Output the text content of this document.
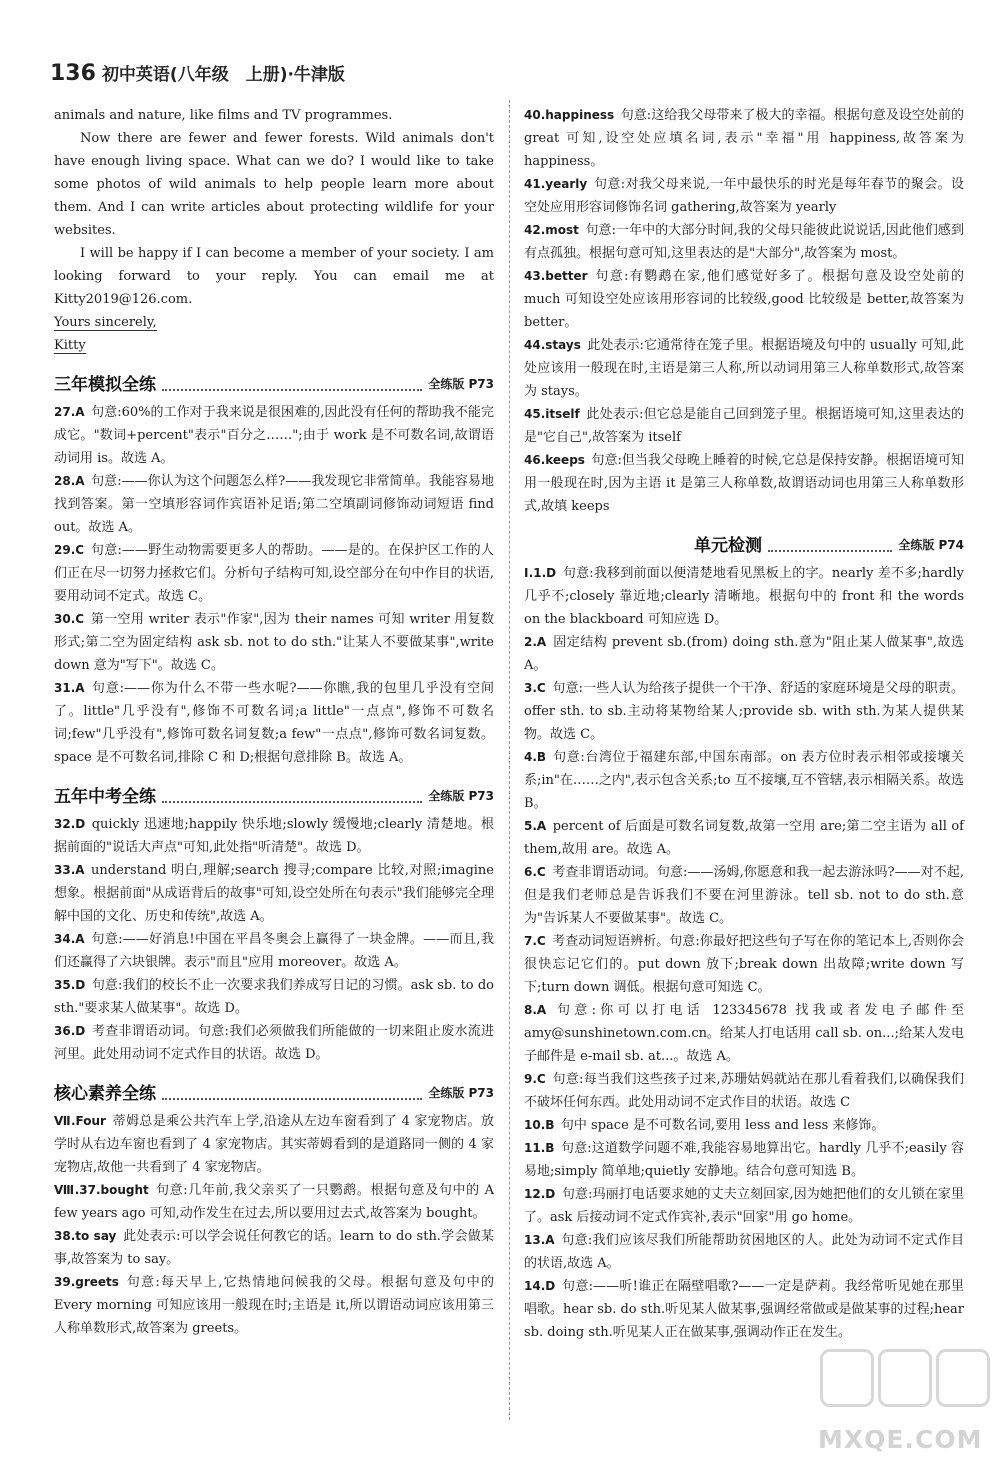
136 初中英语(八年级　上册)·牛津版

animals and nature, like films and TV programmes.

Now there are fewer and fewer forests. Wild animals don't have enough living space. What can we do? I would like to take some photos of wild animals to help people learn more about them. And I can write articles about protecting wildlife for your websites.

I will be happy if I can become a member of your society. I am looking forward to your reply. You can email me at Kitty2019@126.com.

Yours sincerely,

Kitty

三年模拟全练	全练版 P73

27.A  句意:60%的工作对于我来说是很困难的,因此没有任何的帮助我不能完成它。"数词+percent"表示"百分之……";由于 work 是不可数名词,故谓语动词用 is。故选 A。

28.A  句意:——你认为这个问题怎么样?——我发现它非常简单。我能容易地找到答案。第一空填形容词作宾语补足语;第二空填副词修饰动词短语 find out。故选 A。

29.C  句意:——野生动物需要更多人的帮助。——是的。在保护区工作的人们正在尽一切努力拯救它们。分析句子结构可知,设空部分在句中作目的状语,要用动词不定式。故选 C。

30.C  第一空用 writer 表示"作家",因为 their names 可知 writer 用复数形式;第二空为固定结构 ask sb. not to do sth."让某人不要做某事",write down 意为"写下"。故选 C。

31.A  句意:——你为什么不带一些水呢?——你瞧,我的包里几乎没有空间了。little"几乎没有",修饰不可数名词;a little"一点点",修饰不可数名词;few"几乎没有",修饰可数名词复数;a few"一点点",修饰可数名词复数。space 是不可数名词,排除 C 和 D;根据句意排除 B。故选 A。

五年中考全练	全练版 P73

32.D  quickly 迅速地;happily 快乐地;slowly 缓慢地;clearly 清楚地。根据前面的"说话大声点"可知,此处指"听清楚"。故选 D。

33.A  understand 明白,理解;search 搜寻;compare 比较,对照;imagine 想象。根据前面"从成语背后的故事"可知,设空处所在句表示"我们能够完全理解中国的文化、历史和传统",故选 A。

34.A  句意:——好消息!中国在平昌冬奥会上赢得了一块金牌。——而且,我们还赢得了六块银牌。表示"而且"应用 moreover。故选 A。

35.D  句意:我们的校长不止一次要求我们养成写日记的习惯。ask sb. to do sth."要求某人做某事"。故选 D。

36.D  考查非谓语动词。句意:我们必须做我们所能做的一切来阻止废水流进河里。此处用动词不定式作目的状语。故选 D。

核心素养全练	全练版 P73

Ⅶ.Four  蒂姆总是乘公共汽车上学,沿途从左边车窗看到了 4 家宠物店。放学时从右边车窗也看到了 4 家宠物店。其实蒂姆看到的是道路同一侧的 4 家宠物店,故他一共看到了 4 家宠物店。

Ⅷ.37.bought  句意:几年前,我父亲买了一只鹦鹉。根据句意及句中的 A few years ago 可知,动作发生在过去,所以要用过去式,故答案为 bought。

38.to say  此处表示:可以学会说任何教它的话。learn to do sth.学会做某事,故答案为 to say。

39.greets  句意:每天早上,它热情地问候我的父母。根据句意及句中的 Every morning 可知应该用一般现在时;主语是 it,所以谓语动词应该用第三人称单数形式,故答案为 greets。

40.happiness  句意:这给我父母带来了极大的幸福。根据句意及设空处前的 great 可知,设空处应填名词,表示"幸福"用 happiness,故答案为 happiness。

41.yearly  句意:对我父母来说,一年中最快乐的时光是每年春节的聚会。设空处应用形容词修饰名词 gathering,故答案为 yearly

42.most  句意:一年中的大部分时间,我的父母只能彼此说说话,因此他们感到有点孤独。根据句意可知,这里表达的是"大部分",故答案为 most。

43.better  句意:有鹦鹉在家,他们感觉好多了。根据句意及设空处前的 much 可知设空处应该用形容词的比较级,good 比较级是 better,故答案为 better。

44.stays  此处表示:它通常待在笼子里。根据语境及句中的 usually 可知,此处应该用一般现在时,主语是第三人称,所以动词用第三人称单数形式,故答案为 stays。

45.itself  此处表示:但它总是能自己回到笼子里。根据语境可知,这里表达的是"它自己",故答案为 itself

46.keeps  句意:但当我父母晚上睡着的时候,它总是保持安静。根据语境可知用一般现在时,因为主语 it 是第三人称单数,故谓语动词也用第三人称单数形式,故填 keeps

单元检测	全练版 P74

Ⅰ.1.D  句意:我移到前面以便清楚地看见黑板上的字。nearly 差不多;hardly 几乎不;closely 靠近地;clearly 清晰地。根据句中的 front 和 the words on the blackboard 可知应选 D。

2.A  固定结构 prevent sb.(from) doing sth.意为"阻止某人做某事",故选 A。

3.C  句意:一些人认为给孩子提供一个干净、舒适的家庭环境是父母的职责。offer sth. to sb.主动将某物给某人;provide sb. with sth.为某人提供某物。故选 C。

4.B  句意:台湾位于福建东部,中国东南部。on 表方位时表示相邻或接壤关系;in"在……之内",表示包含关系;to 互不接壤,互不管辖,表示相隔关系。故选 B。

5.A  percent of 后面是可数名词复数,故第一空用 are;第二空主语为 all of them,故用 are。故选 A。

6.C  考查非谓语动词。句意:——汤姆,你愿意和我一起去游泳吗?——对不起,但是我们老师总是告诉我们不要在河里游泳。tell sb. not to do sth.意为"告诉某人不要做某事"。故选 C。

7.C  考查动词短语辨析。句意:你最好把这些句子写在你的笔记本上,否则你会很快忘记它们的。put down 放下;break down 出故障;write down 写下;turn down 调低。根据句意可知选 C。

8.A  句意:你可以打电话 123345678 找我或者发电子邮件至 amy@sunshinetown.com.cn。给某人打电话用 call sb. on...;给某人发电子邮件是 e-mail sb. at...。故选 A。

9.C  句意:每当我们这些孩子过来,苏珊姑妈就站在那儿看着我们,以确保我们不破坏任何东西。此处用动词不定式作目的状语。故选 C

10.B  句中 space 是不可数名词,要用 less and less 来修饰。

11.B  句意:这道数学问题不难,我能容易地算出它。hardly 几乎不;easily 容易地;simply 简单地;quietly 安静地。结合句意可知选 B。

12.D  句意:玛丽打电话要求她的丈夫立刻回家,因为她把他们的女儿锁在家里了。ask 后接动词不定式作宾补,表示"回家"用 go home。

13.A  句意:我们应该尽我们所能帮助贫困地区的人。此处为动词不定式作目的状语,故选 A。

14.D  句意:——听!谁正在隔壁唱歌?——一定是萨莉。我经常听见她在那里唱歌。hear sb. do sth.听见某人做某事,强调经常做或是做某事的过程;hear sb. doing sth.听见某人正在做某事,强调动作正在发生。

MXQE.COM
